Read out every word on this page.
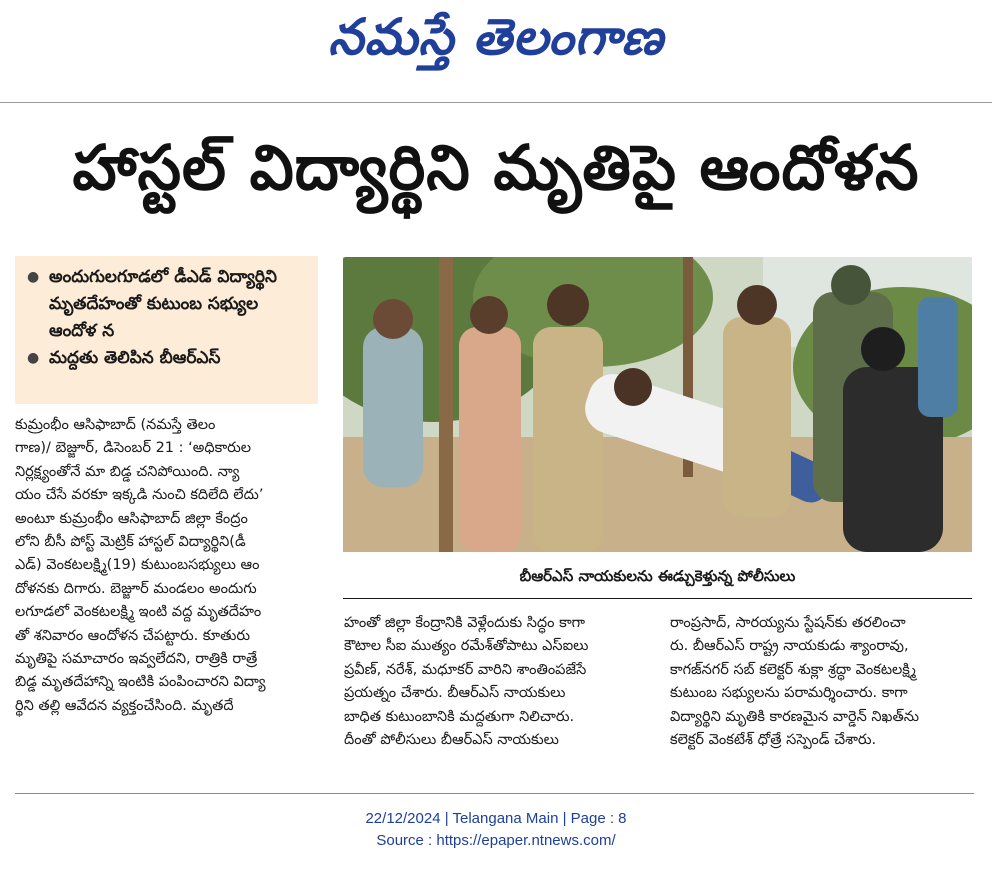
నమస్తే తెలంగాణ
హాస్టల్ విద్యార్థిని మృతిపై ఆందోళన
● అందుగులగూడలో డీఎడ్ విద్యార్థిని మృతదేహంతో కుటుంబ సభ్యుల ఆందోళ న
● మద్దతు తెలిపిన బీఆర్ఎస్
కుమ్రంభీం ఆసిఫాబాద్ (నమస్తే తెలం
గాణ)/ బెజ్జూర్, డిసెంబర్ 21 : ‘అధికారుల
నిర్లక్ష్యంతోనే మా బిడ్డ చనిపోయింది. న్యా
యం చేసే వరకూ ఇక్కడి నుంచి కదిలేది లేదు’
అంటూ కుమ్రంభీం ఆసిఫాబాద్ జిల్లా కేంద్రం
లోని బీసీ పోస్ట్ మెట్రిక్ హాస్టల్ విద్యార్థిని(డీ
ఎడ్) వెంకటలక్ష్మి(19) కుటుంబసభ్యులు ఆం
దోళనకు దిగారు. బెజ్జూర్ మండలం అందుగు
లగూడలో వెంకటలక్ష్మి ఇంటి వద్ద మృతదేహం
తో శనివారం ఆందోళన చేపట్టారు. కూతురు
మృతిపై సమాచారం ఇవ్వలేదని, రాత్రికి రాత్రే
బిడ్డ మృతదేహాన్ని ఇంటికి పంపించారని విద్యా
ర్థిని తల్లి ఆవేదన వ్యక్తంచేసింది. మృతదే
బీఆర్ఎస్ నాయకులను ఈడ్చుకెళ్తున్న పోలీసులు
హంతో జిల్లా కేంద్రానికి వెళ్లేందుకు సిద్ధం కాగా
కౌటాల సీఐ ముత్యం రమేశ్‌తోపాటు ఎస్ఐలు
ప్రవీణ్, నరేశ్, మధూకర్ వారిని శాంతింపజేసే
ప్రయత్నం చేశారు. బీఆర్ఎస్ నాయకులు
బాధిత కుటుంబానికి మద్దతుగా నిలిచారు.
దీంతో పోలీసులు బీఆర్ఎస్ నాయకులు
రాంప్రసాద్, సారయ్యను స్టేషన్‌కు తరలించా
రు. బీఆర్ఎస్ రాష్ట్ర నాయకుడు శ్యాంరావు,
కాగజ్‌నగర్ సబ్ కలెక్టర్ శుక్లా శ్రద్ధా వెంకటలక్ష్మి
కుటుంబ సభ్యులను పరామర్శించారు. కాగా
విద్యార్థిని మృతికి కారణమైన వార్డెన్ నిఖత్‌ను
కలెక్టర్ వెంకటేశ్ ధోత్రే సస్పెండ్ చేశారు.
22/12/2024 | Telangana Main | Page : 8
Source : https://epaper.ntnews.com/
